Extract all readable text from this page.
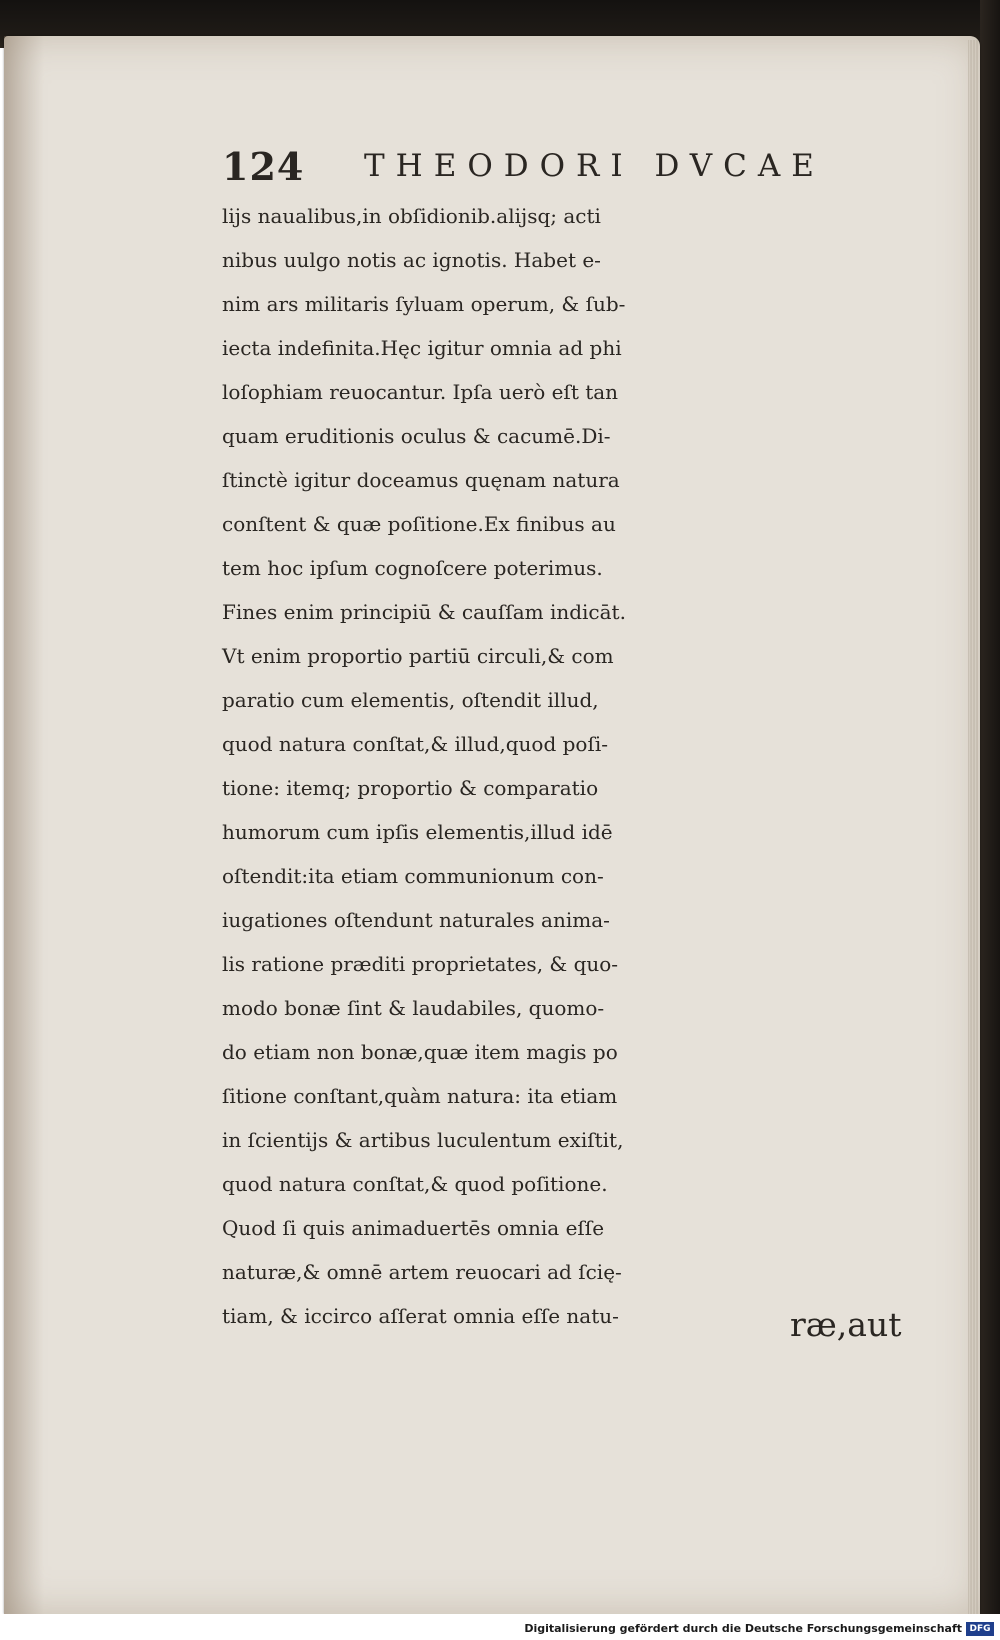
124 THEODORI DVCAE
lijs naualibus,in obſidionib.alijsq; acti
nibus uulgo notis ac ignotis. Habet e-
nim ars militaris ſyluam operum, & ſub-
iecta indefinita.Hęc igitur omnia ad phi
loſophiam reuocantur. Ipſa uerò eſt tan
quam eruditionis oculus & cacumē.Di-
ſtinctè igitur doceamus quęnam natura
conſtent & quæ poſitione.Ex finibus au
tem hoc ipſum cognoſcere poterimus.
Fines enim principiū & cauſſam indicāt.
Vt enim proportio partiū circuli,& com
paratio cum elementis, oſtendit illud,
quod natura conſtat,& illud,quod poſi-
tione: itemq; proportio & comparatio
humorum cum ipſis elementis,illud idē
oſtendit:ita etiam communionum con-
iugationes oſtendunt naturales anima-
lis ratione præditi proprietates, & quo-
modo bonæ ſint & laudabiles, quomo-
do etiam non bonæ,quæ item magis po
ſitione conſtant,quàm natura: ita etiam
in ſcientijs & artibus luculentum exiſtit,
quod natura conſtat,& quod poſitione.
Quod ſi quis animaduertēs omnia eſſe
naturæ,& omnē artem reuocari ad ſcię-
tiam, & iccirco aſſerat omnia eſſe natu-	ræ,aut
Digitalisierung gefördert durch die Deutsche Forschungsgemeinschaft DFG
